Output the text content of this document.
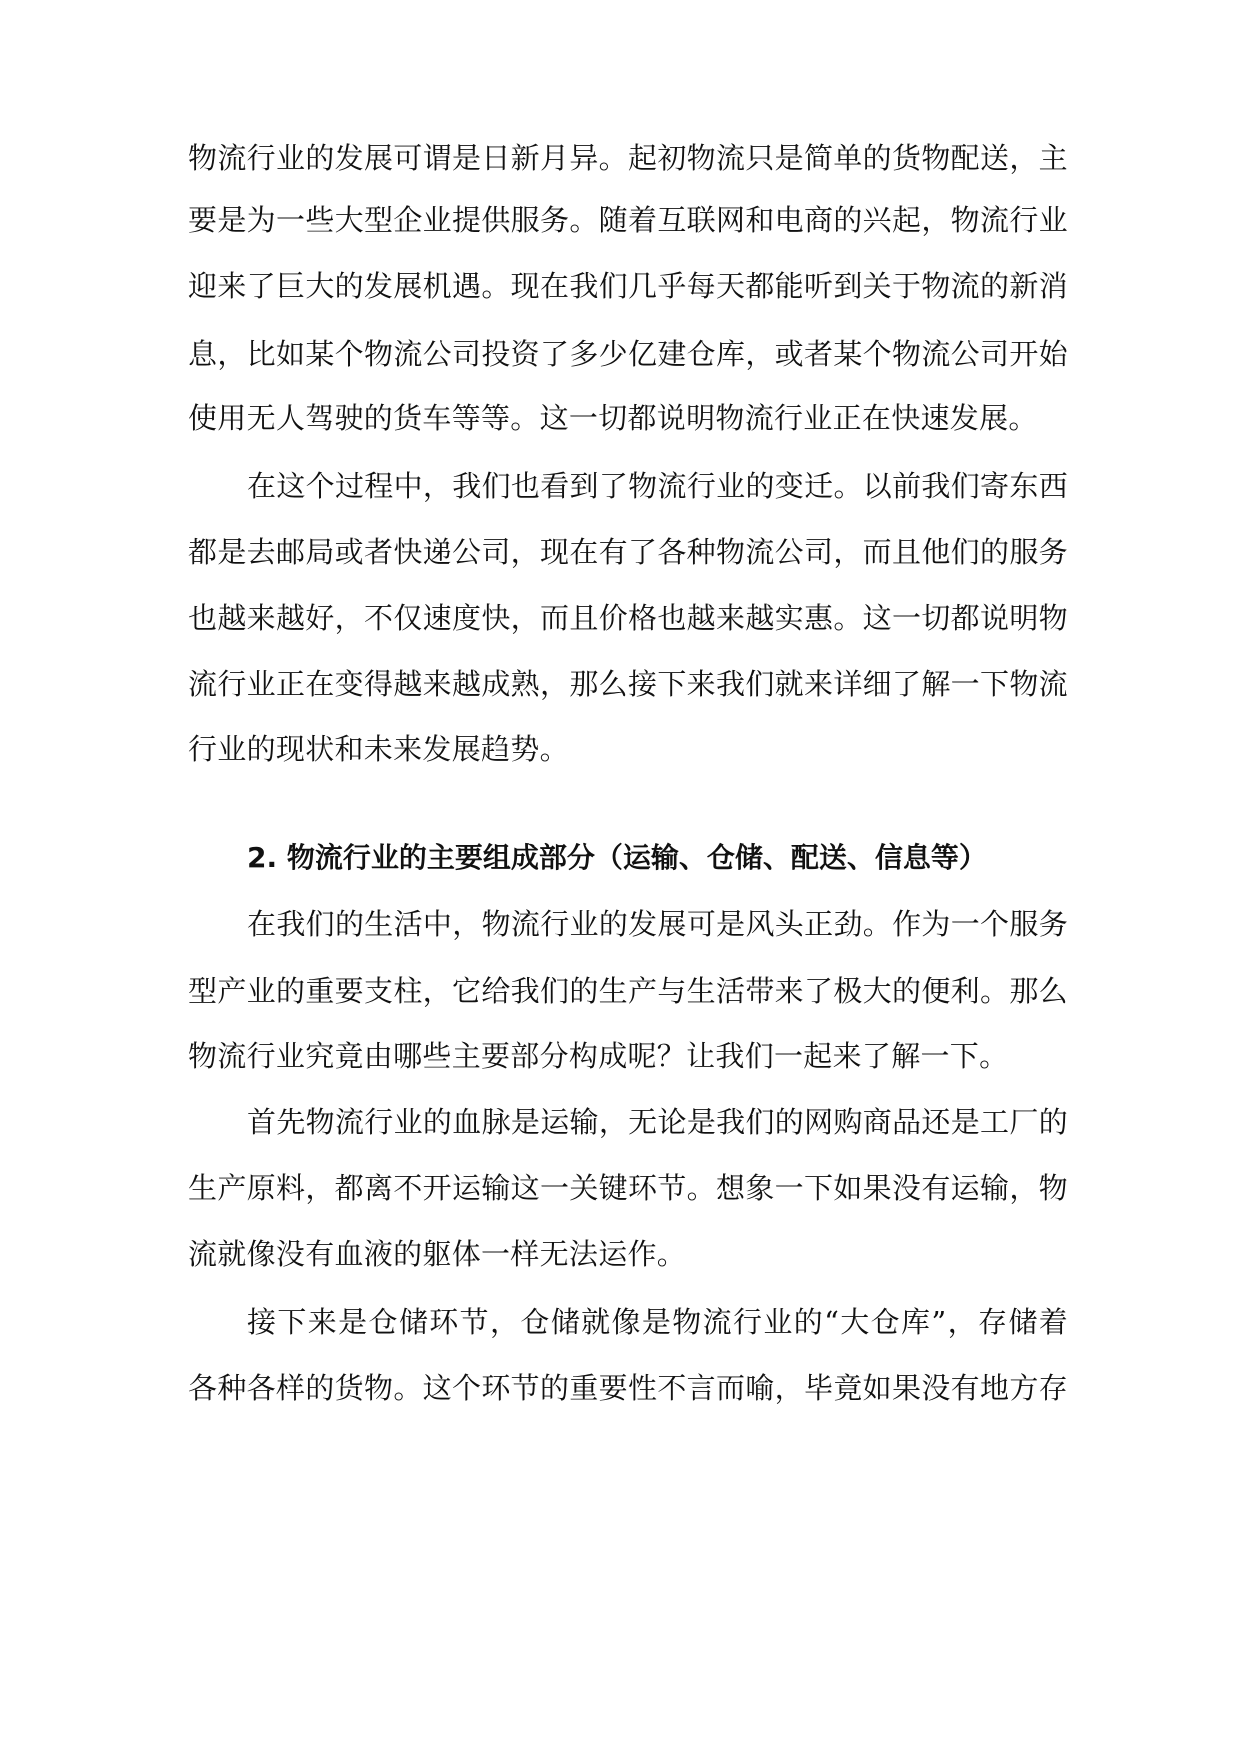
物流行业的发展可谓是日新月异。起初物流只是简单的货物配送，主
要是为一些大型企业提供服务。随着互联网和电商的兴起，物流行业
迎来了巨大的发展机遇。现在我们几乎每天都能听到关于物流的新消
息，比如某个物流公司投资了多少亿建仓库，或者某个物流公司开始
使用无人驾驶的货车等等。这一切都说明物流行业正在快速发展。
在这个过程中，我们也看到了物流行业的变迁。以前我们寄东西
都是去邮局或者快递公司，现在有了各种物流公司，而且他们的服务
也越来越好，不仅速度快，而且价格也越来越实惠。这一切都说明物
流行业正在变得越来越成熟，那么接下来我们就来详细了解一下物流
行业的现状和未来发展趋势。
2. 物流行业的主要组成部分（运输、仓储、配送、信息等）
在我们的生活中，物流行业的发展可是风头正劲。作为一个服务
型产业的重要支柱，它给我们的生产与生活带来了极大的便利。那么
物流行业究竟由哪些主要部分构成呢？让我们一起来了解一下。
首先物流行业的血脉是运输，无论是我们的网购商品还是工厂的
生产原料，都离不开运输这一关键环节。想象一下如果没有运输，物
流就像没有血液的躯体一样无法运作。
接下来是仓储环节，仓储就像是物流行业的“大仓库”，存储着
各种各样的货物。这个环节的重要性不言而喻，毕竟如果没有地方存
